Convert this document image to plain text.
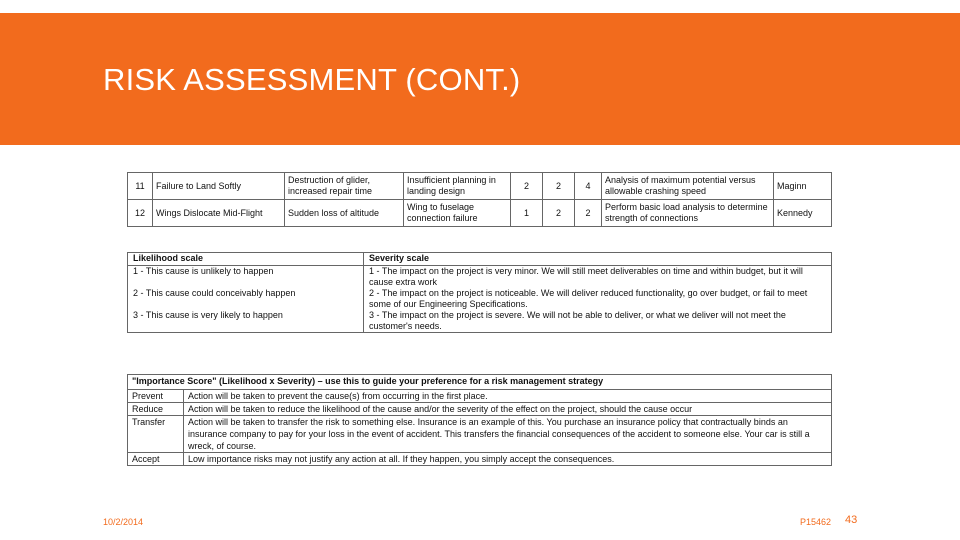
RISK ASSESSMENT (CONT.)
11	Failure to Land Softly	Destruction of glider, increased repair time	Insufficient planning in landing design	2	2	4	Analysis of maximum potential versus allowable crashing speed	Maginn
12	Wings Dislocate Mid-Flight	Sudden loss of altitude	Wing to fuselage connection failure	1	2	2	Perform basic load analysis to determine strength of connections	Kennedy
Likelihood scale	Severity scale
1 - This cause is unlikely to happen	1 - The impact on the project is very minor. We will still meet deliverables on time and within budget, but it will cause extra work
2 - This cause could conceivably happen	2 - The impact on the project is noticeable. We will deliver reduced functionality, go over budget, or fail to meet some of our Engineering Specifications.
3 - This cause is very likely to happen	3 - The impact on the project is severe. We will not be able to deliver, or what we deliver will not meet the customer's needs.
"Importance Score" (Likelihood x Severity) – use this to guide your preference for a risk management strategy	
Prevent	Action will be taken to prevent the cause(s) from occurring in the first place.
Reduce	Action will be taken to reduce the likelihood of the cause and/or the severity of the effect on the project, should the cause occur
Transfer	Action will be taken to transfer the risk to something else. Insurance is an example of this. You purchase an insurance policy that contractually binds an insurance company to pay for your loss in the event of accident. This transfers the financial consequences of the accident to someone else. Your car is still a wreck, of course.
Accept	Low importance risks may not justify any action at all. If they happen, you simply accept the consequences.
10/2/2014	P15462 43
